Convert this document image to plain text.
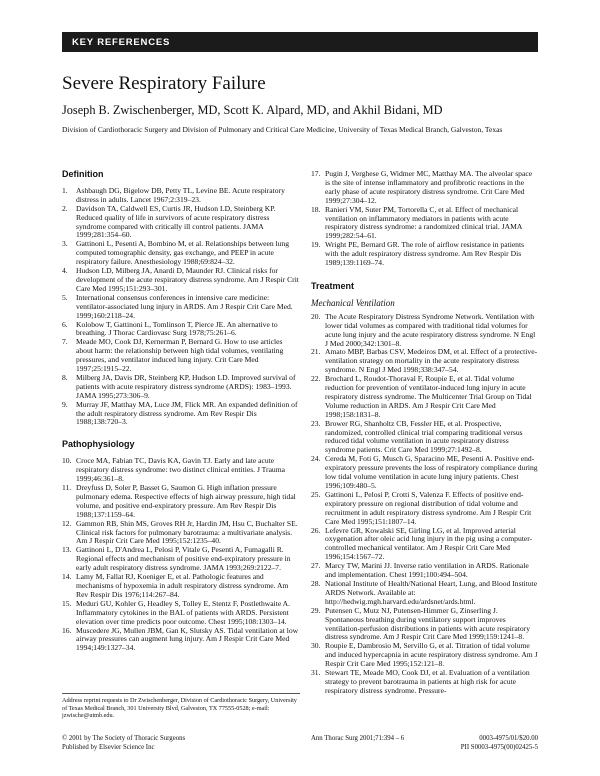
KEY REFERENCES
Severe Respiratory Failure
Joseph B. Zwischenberger, MD, Scott K. Alpard, MD, and Akhil Bidani, MD
Division of Cardiothoracic Surgery and Division of Pulmonary and Critical Care Medicine, University of Texas Medical Branch, Galveston, Texas
Definition
1. Ashbaugh DG, Bigelow DB, Petty TL, Levine BE. Acute respiratory distress in adults. Lancet 1967;2:319–23.
2. Davidson TA, Caldwell ES, Curtis JR, Hudson LD, Steinberg KP. Reduced quality of life in survivors of acute respiratory distress syndrome compared with critically ill control patients. JAMA 1999;281:354–60.
3. Gattinoni L, Pesenti A, Bombino M, et al. Relationships between lung computed tomographic density, gas exchange, and PEEP in acute respiratory failure. Anesthesiology 1988;69:824–32.
4. Hudson LD, Milberg JA, Anardi D, Maunder RJ. Clinical risks for development of the acute respiratory distress syndrome. Am J Respir Crit Care Med 1995;151:293–301.
5. International consensus conferences in intensive care medicine: ventilator-associated lung injury in ARDS. Am J Respir Crit Care Med. 1999;160:2118–24.
6. Kolobow T, Gattinoni L, Tomlinson T, Pierce JE. An alternative to breathing. J Thorac Cardiovasc Surg 1978;75:261–6.
7. Meade MO, Cook DJ, Kernerman P, Bernard G. How to use articles about harm: the relationship between high tidal volumes, ventilating pressures, and ventilator induced lung injury. Crit Care Med 1997;25:1915–22.
8. Milberg JA, Davis DR, Steinberg KP, Hudson LD. Improved survival of patients with acute respiratory distress syndrome (ARDS): 1983–1993. JAMA 1995;273:306–9.
9. Murray JF, Matthay MA, Luce JM, Flick MR. An expanded definition of the adult respiratory distress syndrome. Am Rev Respir Dis 1988;138:720–3.
Pathophysiology
10. Croce MA, Fabian TC, Davis KA, Gavin TJ. Early and late acute respiratory distress syndrome: two distinct clinical entities. J Trauma 1999;46:361–8.
11. Dreyfuss D, Soler P, Basset G, Saumon G. High inflation pressure pulmonary edema. Respective effects of high airway pressure, high tidal volume, and positive end-expiratory pressure. Am Rev Respir Dis 1988;137:1159–64.
12. Gammon RB, Shin MS, Groves RH Jr, Hardin JM, Hsu C, Buchalter SE. Clinical risk factors for pulmonary barotrauma: a multivariate analysis. Am J Respir Crit Care Med 1995;152:1235–40.
13. Gattinoni L, D'Andrea L, Pelosi P, Vitale G, Pesenti A, Fumagalli R. Regional effects and mechanism of positive end-expiratory pressure in early adult respiratory distress syndrome. JAMA 1993;269:2122–7.
14. Lamy M, Fallat RJ, Koeniger E, et al. Pathologic features and mechanisms of hypoxemia in adult respiratory distress syndrome. Am Rev Respir Dis 1976;114:267–84.
15. Meduri GU, Kohler G, Headley S, Tolley E, Stentz F, Postlethwaite A. Inflammatory cytokines in the BAL of patients with ARDS. Persistent elevation over time predicts poor outcome. Chest 1995;108:1303–14.
16. Muscedere JG, Mullen JBM, Gan K, Slutsky AS. Tidal ventilation at low airway pressures can augment lung injury. Am J Respir Crit Care Med 1994;149:1327–34.
17. Pugin J, Verghese G, Widmer MC, Matthay MA. The alveolar space is the site of intense inflammatory and profibrotic reactions in the early phase of acute respiratory distress syndrome. Crit Care Med 1999;27:304–12.
18. Ranieri VM, Suter PM, Tortorella C, et al. Effect of mechanical ventilation on inflammatory mediators in patients with acute respiratory distress syndrome: a randomized clinical trial. JAMA 1999;282:54–61.
19. Wright PE, Bernard GR. The role of airflow resistance in patients with the adult respiratory distress syndrome. Am Rev Respir Dis 1989;139:1169–74.
Treatment
Mechanical Ventilation
20. The Acute Respiratory Distress Syndrome Network. Ventilation with lower tidal volumes as compared with traditional tidal volumes for acute lung injury and the acute respiratory distress syndrome. N Engl J Med 2000;342:1301–8.
21. Amato MBP, Barbas CSV, Medeiros DM, et al. Effect of a protective-ventilation strategy on mortality in the acute respiratory distress syndrome. N Engl J Med 1998;338:347–54.
22. Brochard L, Roudot-Thoraval F, Roupie E, et al. Tidal volume reduction for prevention of ventilator-induced lung injury in acute respiratory distress syndrome. The Multicenter Trial Group on Tidal Volume reduction in ARDS. Am J Respir Crit Care Med 1998;158:1831–8.
23. Brower RG, Shanholtz CB, Fessler HE, et al. Prospective, randomized, controlled clinical trial comparing traditional versus reduced tidal volume ventilation in acute respiratory distress syndrome patients. Crit Care Med 1999;27:1492–8.
24. Cereda M, Foti G, Musch G, Sparacino ME, Pesenti A. Positive end-expiratory pressure prevents the loss of respiratory compliance during low tidal volume ventilation in acute lung injury patients. Chest 1996;109:480–5.
25. Gattinoni L, Pelosi P, Crotti S, Valenza F. Effects of positive end-expiratory pressure on regional distribution of tidal volume and recruitment in adult respiratory distress syndrome. Am J Respir Crit Care Med 1995;151:1807–14.
26. Lefevre GR, Kowalski SE, Girling LG, et al. Improved arterial oxygenation after oleic acid lung injury in the pig using a computer-controlled mechanical ventilator. Am J Respir Crit Care Med 1996;154:1567–72.
27. Marcy TW, Marini JJ. Inverse ratio ventilation in ARDS. Rationale and implementation. Chest 1991;100:494–504.
28. National Institute of Health/National Heart, Lung, and Blood Institute ARDS Network. Available at: http://hedwig.mgh.harvard.edu/ardsnet/ards.html.
29. Putensen C, Mutz NJ, Putensen-Himmer G, Zinserling J. Spontaneous breathing during ventilatory support improves ventilation-perfusion distributions in patients with acute respiratory distress syndrome. Am J Respir Crit Care Med 1999;159:1241–8.
30. Roupie E, Dambrosio M, Servillo G, et al. Titration of tidal volume and induced hypercapnia in acute respiratory distress syndrome. Am J Respir Crit Care Med 1995;152:121–8.
31. Stewart TE, Meade MO, Cook DJ, et al. Evaluation of a ventilation strategy to prevent barotrauma in patients at high risk for acute respiratory distress syndrome. Pressure-
Address reprint requests to Dr Zwischenberger, Division of Cardiothoracic Surgery, University of Texas Medical Branch, 301 University Blvd, Galveston, TX 77555-0528; e-mail: jzwische@utmb.edu.
© 2001 by The Society of Thoracic Surgeons
Published by Elsevier Science Inc
Ann Thorac Surg 2001;71:394 – 6	0003-4975/01/$20.00
PII S0003-4975(00)02425-5
